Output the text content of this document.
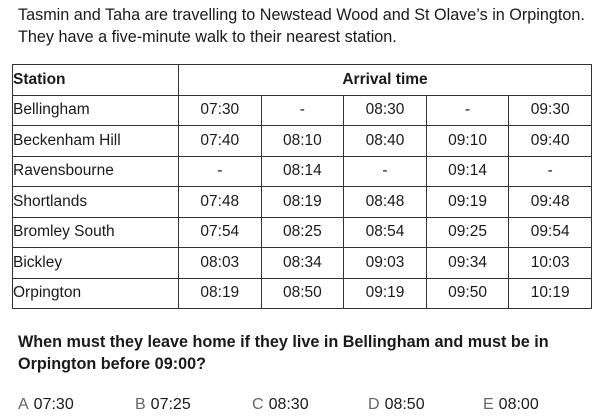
Tasmin and Taha are travelling to Newstead Wood and St Olave’s in Orpington. They have a five-minute walk to their nearest station.
Station	Arrival time				
Bellingham	07:30	-	08:30	-	09:30
Beckenham Hill	07:40	08:10	08:40	09:10	09:40
Ravensbourne	-	08:14	-	09:14	-
Shortlands	07:48	08:19	08:48	09:19	09:48
Bromley South	07:54	08:25	08:54	09:25	09:54
Bickley	08:03	08:34	09:03	09:34	10:03
Orpington	08:19	08:50	09:19	09:50	10:19
When must they leave home if they live in Bellingham and must be in Orpington before 09:00?
A 07:30	B 07:25	C 08:30	D 08:50	E 08:00
